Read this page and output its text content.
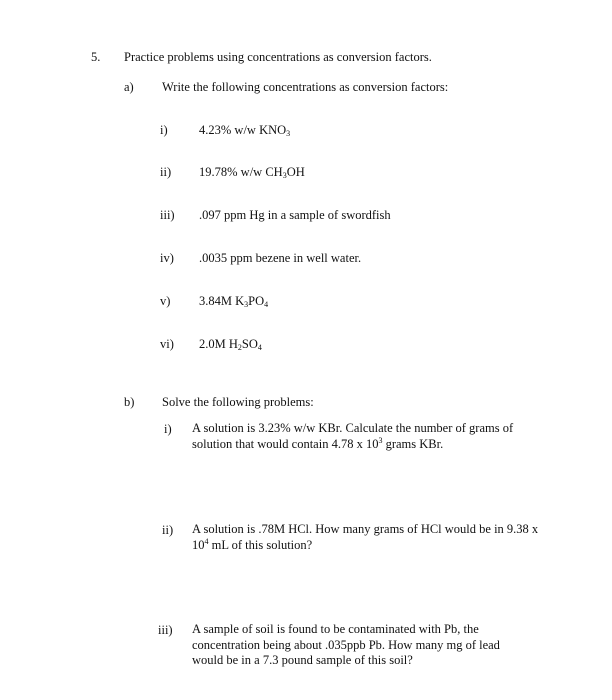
5. Practice problems using concentrations as conversion factors.

a) Write the following concentrations as conversion factors:

i)	4.23% w/w $KNO_3$

ii) 19.78% w/w $CH_3OH$

iii) .097 ppm Hg in a sample of swordfish

iv) .0035 ppm bezene in well water.

v) 3.84M $K_3PO_4$

vi) 2.0M $H_2SO_4$

b) Solve the following problems:

i) A solution is 3.23% w/w KBr. Calculate the number of grams of solution that would contain 4.78 x $10^3$ grams KBr.

ii) A solution is .78M HCl. How many grams of HCl would be in 9.38 x $10^4$ mL of this solution?

iii) A sample of soil is found to be contaminated with Pb, the concentration being about .035ppb Pb. How many mg of lead would be in a 7.3 pound sample of this soil?
